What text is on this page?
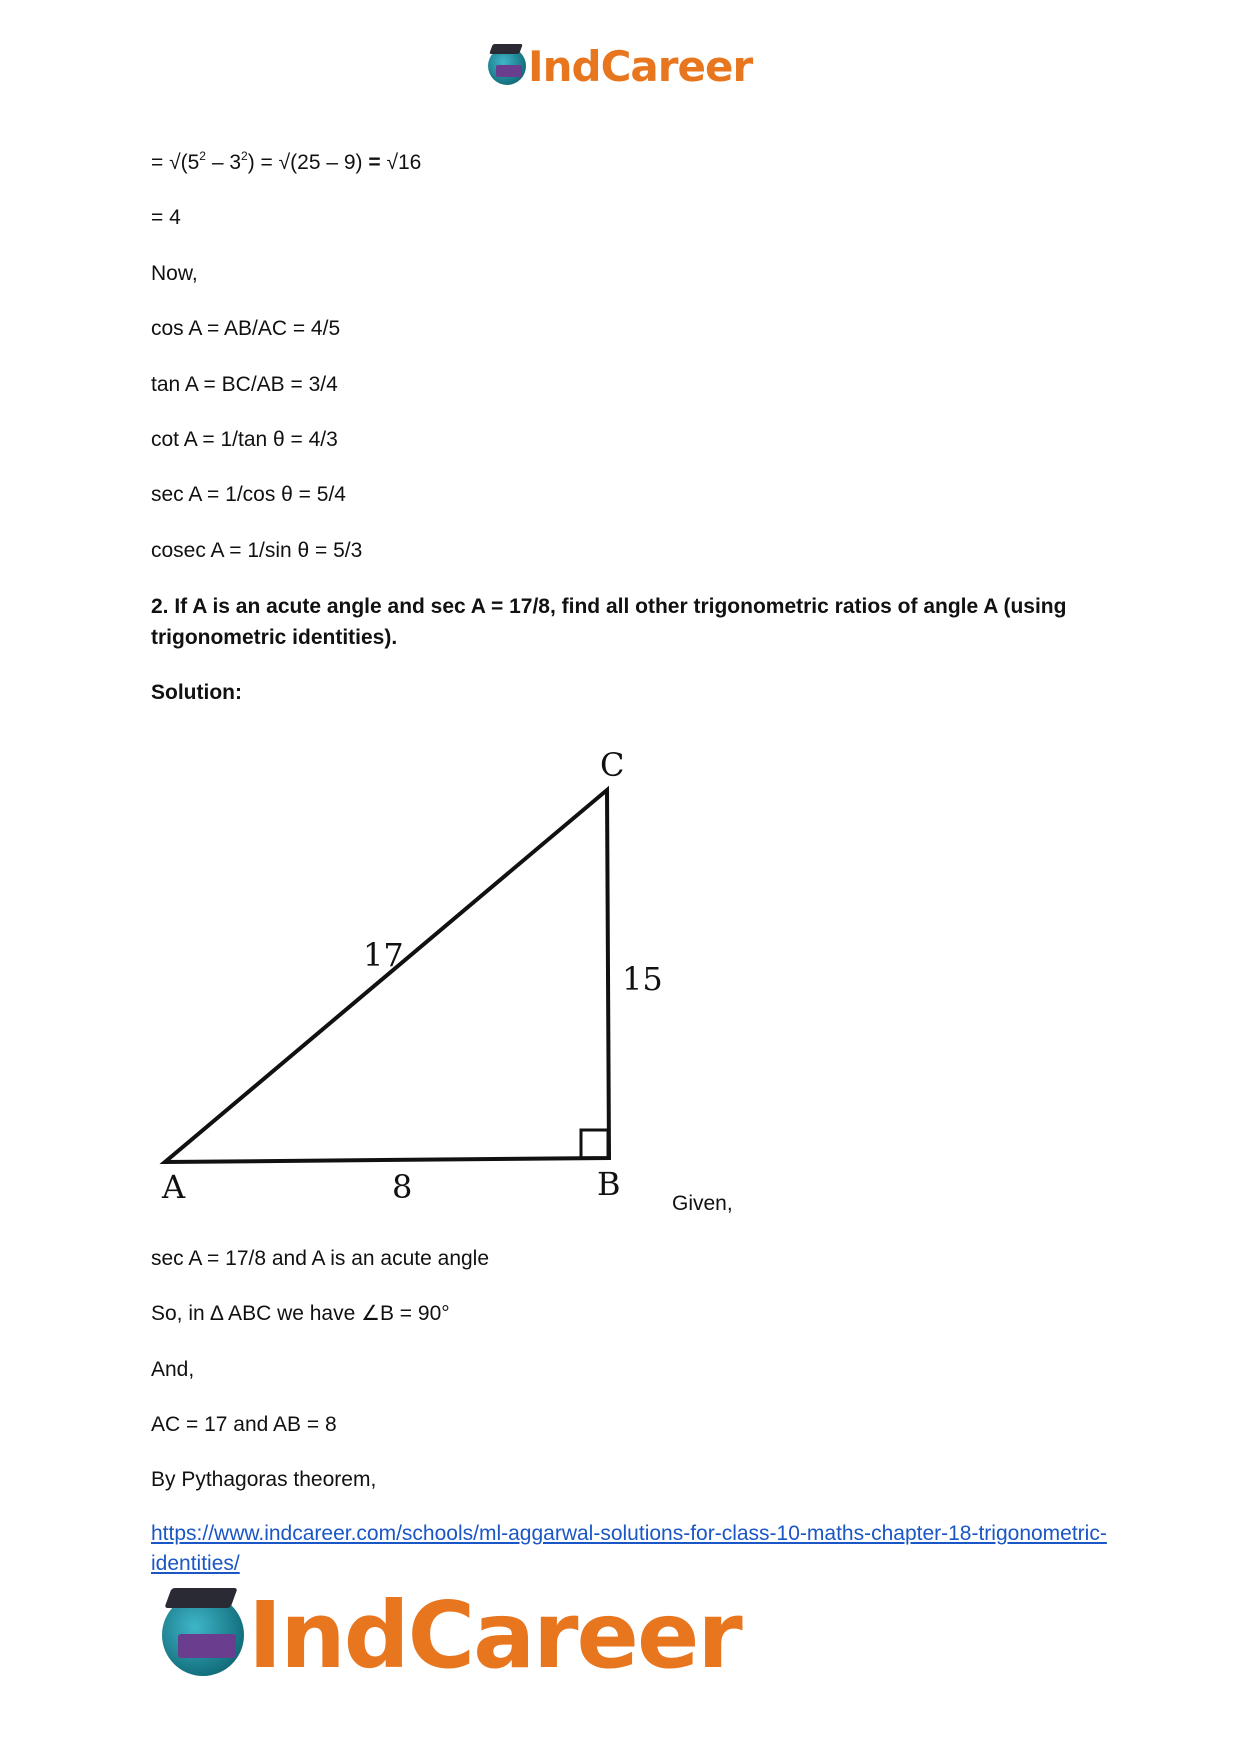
IndCareer
= $√(5^2 - 3^2) = √(25 - 9) = √16$
= 4
Now,
cos A = AB/AC = 4/5
tan A = BC/AB = 3/4
cot A = 1/tan θ = 4/3
sec A = 1/cos θ = 5/4
cosec A = 1/sin θ = 5/3
2. If A is an acute angle and sec A = 17/8, find all other trigonometric ratios of angle A (using trigonometric identities).
Solution:
C
A	B
17
8
15
Given,
sec A = 17/8 and A is an acute angle
So, in ∆ ABC we have ∠B = 90°
And,
AC = 17 and AB = 8
By Pythagoras theorem,
https://www.indcareer.com/schools/ml-aggarwal-solutions-for-class-10-maths-chapter-18-trigonometric-identities/
IndCareer
